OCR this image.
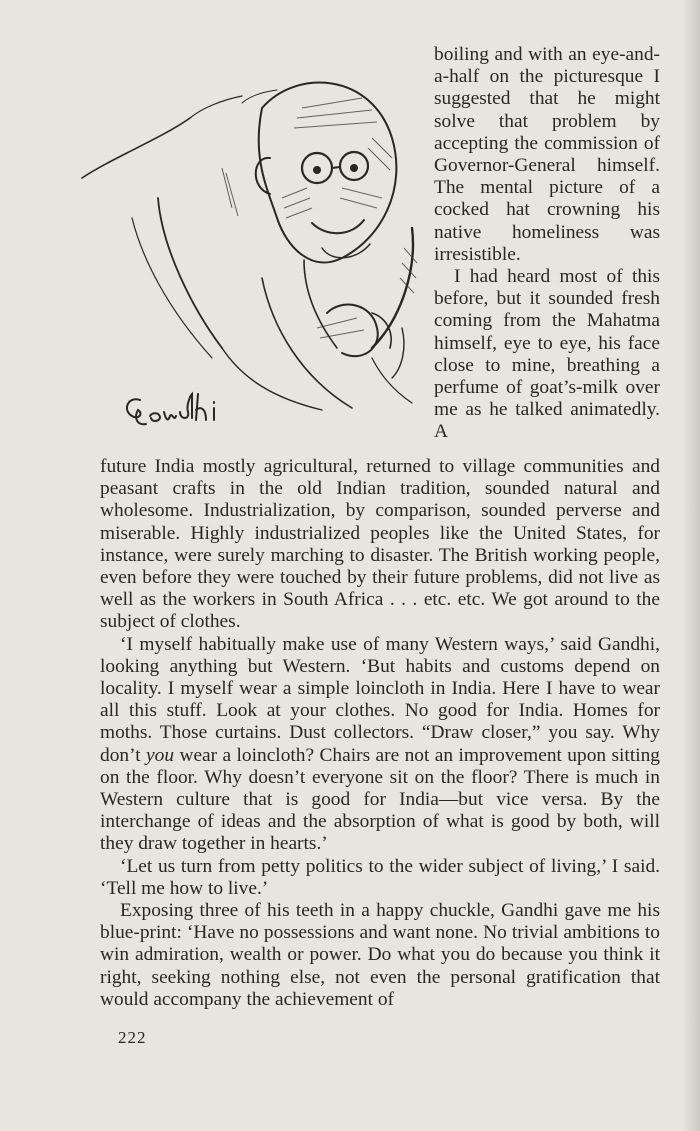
boiling and with an eye-and-a-half on the picturesque I suggested that he might solve that problem by accepting the commission of Governor-General himself. The mental picture of a cocked hat crowning his native homeliness was irresistible.

I had heard most of this before, but it sounded fresh coming from the Mahatma himself, eye to eye, his face close to mine, breathing a perfume of goat’s-milk over me as he talked animatedly. A

future India mostly agricultural, returned to village communities and peasant crafts in the old Indian tradition, sounded natural and wholesome. Industrialization, by comparison, sounded perverse and miserable. Highly industrialized peoples like the United States, for instance, were surely marching to disaster. The British working people, even before they were touched by their future problems, did not live as well as the workers in South Africa . . . etc. etc. We got around to the subject of clothes.

‘I myself habitually make use of many Western ways,’ said Gandhi, looking anything but Western. ‘But habits and customs depend on locality. I myself wear a simple loincloth in India. Here I have to wear all this stuff. Look at your clothes. No good for India. Homes for moths. Those curtains. Dust collectors. “Draw closer,” you say. Why don’t you wear a loincloth? Chairs are not an improvement upon sitting on the floor. Why doesn’t everyone sit on the floor? There is much in Western culture that is good for India—but vice versa. By the interchange of ideas and the absorption of what is good by both, will they draw together in hearts.’

‘Let us turn from petty politics to the wider subject of living,’ I said. ‘Tell me how to live.’

Exposing three of his teeth in a happy chuckle, Gandhi gave me his blue-print: ‘Have no possessions and want none. No trivial ambitions to win admiration, wealth or power. Do what you do because you think it right, seeking nothing else, not even the personal gratification that would accompany the achievement of

222
